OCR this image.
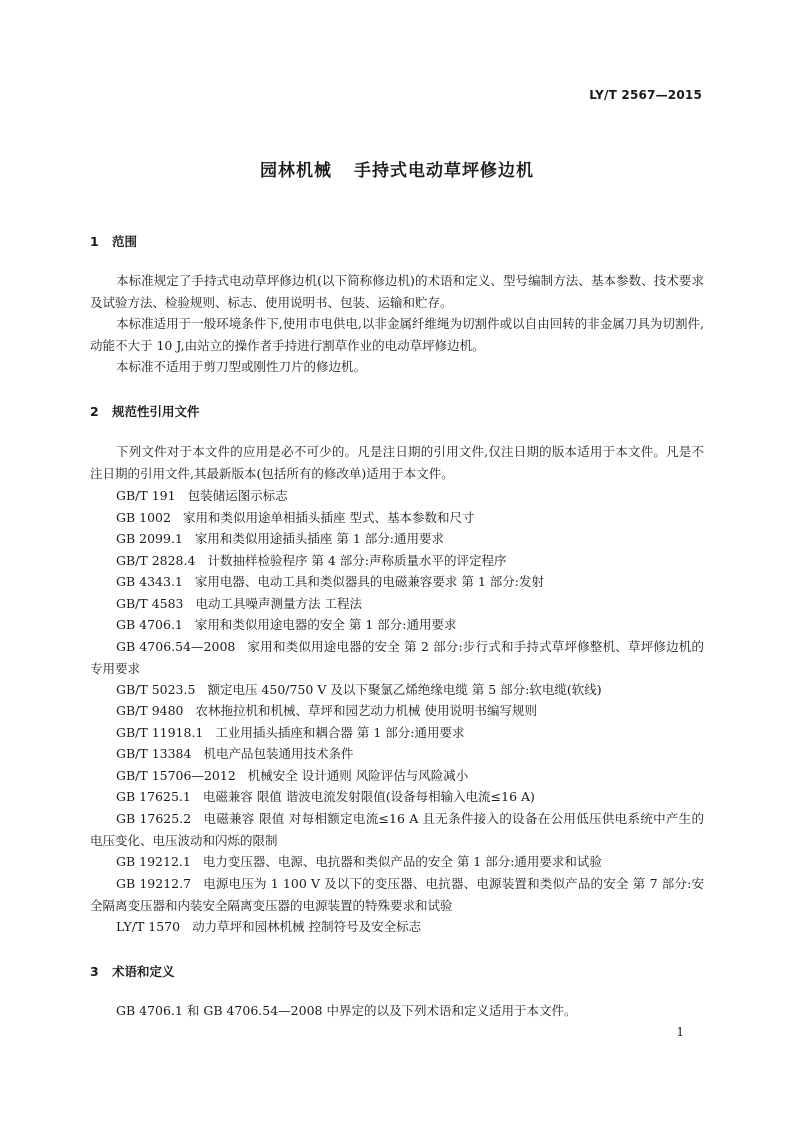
LY/T 2567—2015
园林机械 手持式电动草坪修边机
1 范围

本标准规定了手持式电动草坪修边机(以下简称修边机)的术语和定义、型号编制方法、基本参数、技术要求及试验方法、检验规则、标志、使用说明书、包装、运输和贮存。

本标准适用于一般环境条件下,使用市电供电,以非金属纤维绳为切割件或以自由回转的非金属刀具为切割件,动能不大于 10 J,由站立的操作者手持进行割草作业的电动草坪修边机。

本标准不适用于剪刀型或刚性刀片的修边机。

2 规范性引用文件

下列文件对于本文件的应用是必不可少的。凡是注日期的引用文件,仅注日期的版本适用于本文件。凡是不注日期的引用文件,其最新版本(包括所有的修改单)适用于本文件。

GB/T 191 包装储运图示标志

GB 1002 家用和类似用途单相插头插座 型式、基本参数和尺寸

GB 2099.1 家用和类似用途插头插座 第 1 部分:通用要求

GB/T 2828.4 计数抽样检验程序 第 4 部分:声称质量水平的评定程序

GB 4343.1 家用电器、电动工具和类似器具的电磁兼容要求 第 1 部分:发射

GB/T 4583 电动工具噪声测量方法 工程法

GB 4706.1 家用和类似用途电器的安全 第 1 部分:通用要求

GB 4706.54—2008 家用和类似用途电器的安全 第 2 部分:步行式和手持式草坪修整机、草坪修边机的专用要求

GB/T 5023.5 额定电压 450/750 V 及以下聚氯乙烯绝缘电缆 第 5 部分:软电缆(软线)

GB/T 9480 农林拖拉机和机械、草坪和园艺动力机械 使用说明书编写规则

GB/T 11918.1 工业用插头插座和耦合器 第 1 部分:通用要求

GB/T 13384 机电产品包装通用技术条件

GB/T 15706—2012 机械安全 设计通则 风险评估与风险减小

GB 17625.1 电磁兼容 限值 谐波电流发射限值(设备每相输入电流≤16 A)

GB 17625.2 电磁兼容 限值 对每相额定电流≤16 A 且无条件接入的设备在公用低压供电系统中产生的电压变化、电压波动和闪烁的限制

GB 19212.1 电力变压器、电源、电抗器和类似产品的安全 第 1 部分:通用要求和试验

GB 19212.7 电源电压为 1 100 V 及以下的变压器、电抗器、电源装置和类似产品的安全 第 7 部分:安全隔离变压器和内装安全隔离变压器的电源装置的特殊要求和试验

LY/T 1570 动力草坪和园林机械 控制符号及安全标志

3 术语和定义

GB 4706.1 和 GB 4706.54—2008 中界定的以及下列术语和定义适用于本文件。

1
